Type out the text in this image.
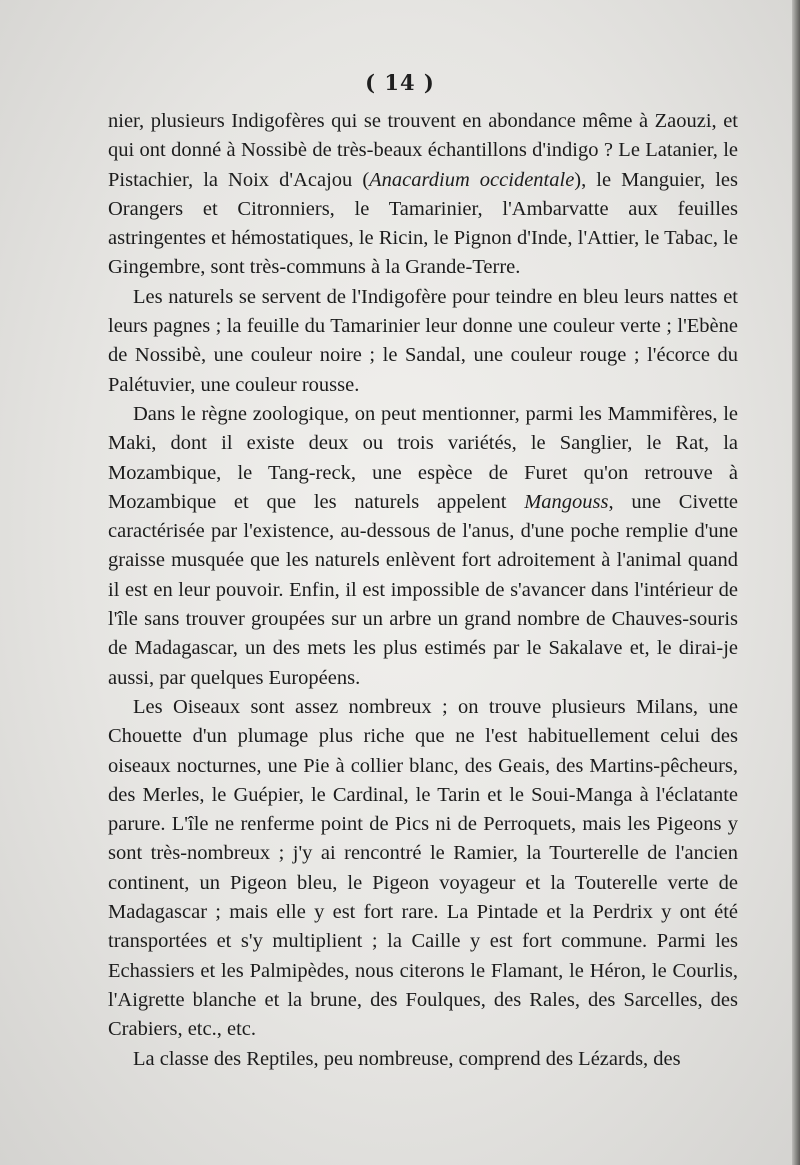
( 14 )

nier, plusieurs Indigofères qui se trouvent en abondance même à Zaouzi, et qui ont donné à Nossibè de très-beaux échantillons d'indigo ? Le Latanier, le Pistachier, la Noix d'Acajou (Anacardium occidentale), le Manguier, les Orangers et Citronniers, le Tamarinier, l'Ambarvatte aux feuilles astringentes et hémostatiques, le Ricin, le Pignon d'Inde, l'Attier, le Tabac, le Gingembre, sont très-communs à la Grande-Terre.

Les naturels se servent de l'Indigofère pour teindre en bleu leurs nattes et leurs pagnes ; la feuille du Tamarinier leur donne une couleur verte ; l'Ebène de Nossibè, une couleur noire ; le Sandal, une couleur rouge ; l'écorce du Palétuvier, une couleur rousse.

Dans le règne zoologique, on peut mentionner, parmi les Mammifères, le Maki, dont il existe deux ou trois variétés, le Sanglier, le Rat, la Mozambique, le Tang-reck, une espèce de Furet qu'on retrouve à Mozambique et que les naturels appelent Mangouss, une Civette caractérisée par l'existence, au-dessous de l'anus, d'une poche remplie d'une graisse musquée que les naturels enlèvent fort adroitement à l'animal quand il est en leur pouvoir. Enfin, il est impossible de s'avancer dans l'intérieur de l'île sans trouver groupées sur un arbre un grand nombre de Chauves-souris de Madagascar, un des mets les plus estimés par le Sakalave et, le dirai-je aussi, par quelques Européens.

Les Oiseaux sont assez nombreux ; on trouve plusieurs Milans, une Chouette d'un plumage plus riche que ne l'est habituellement celui des oiseaux nocturnes, une Pie à collier blanc, des Geais, des Martins-pêcheurs, des Merles, le Guépier, le Cardinal, le Tarin et le Soui-Manga à l'éclatante parure. L'île ne renferme point de Pics ni de Perroquets, mais les Pigeons y sont très-nombreux ; j'y ai rencontré le Ramier, la Tourterelle de l'ancien continent, un Pigeon bleu, le Pigeon voyageur et la Touterelle verte de Madagascar ; mais elle y est fort rare. La Pintade et la Perdrix y ont été transportées et s'y multiplient ; la Caille y est fort commune. Parmi les Echassiers et les Palmipèdes, nous citerons le Flamant, le Héron, le Courlis, l'Aigrette blanche et la brune, des Foulques, des Rales, des Sarcelles, des Crabiers, etc., etc.

La classe des Reptiles, peu nombreuse, comprend des Lézards, des
